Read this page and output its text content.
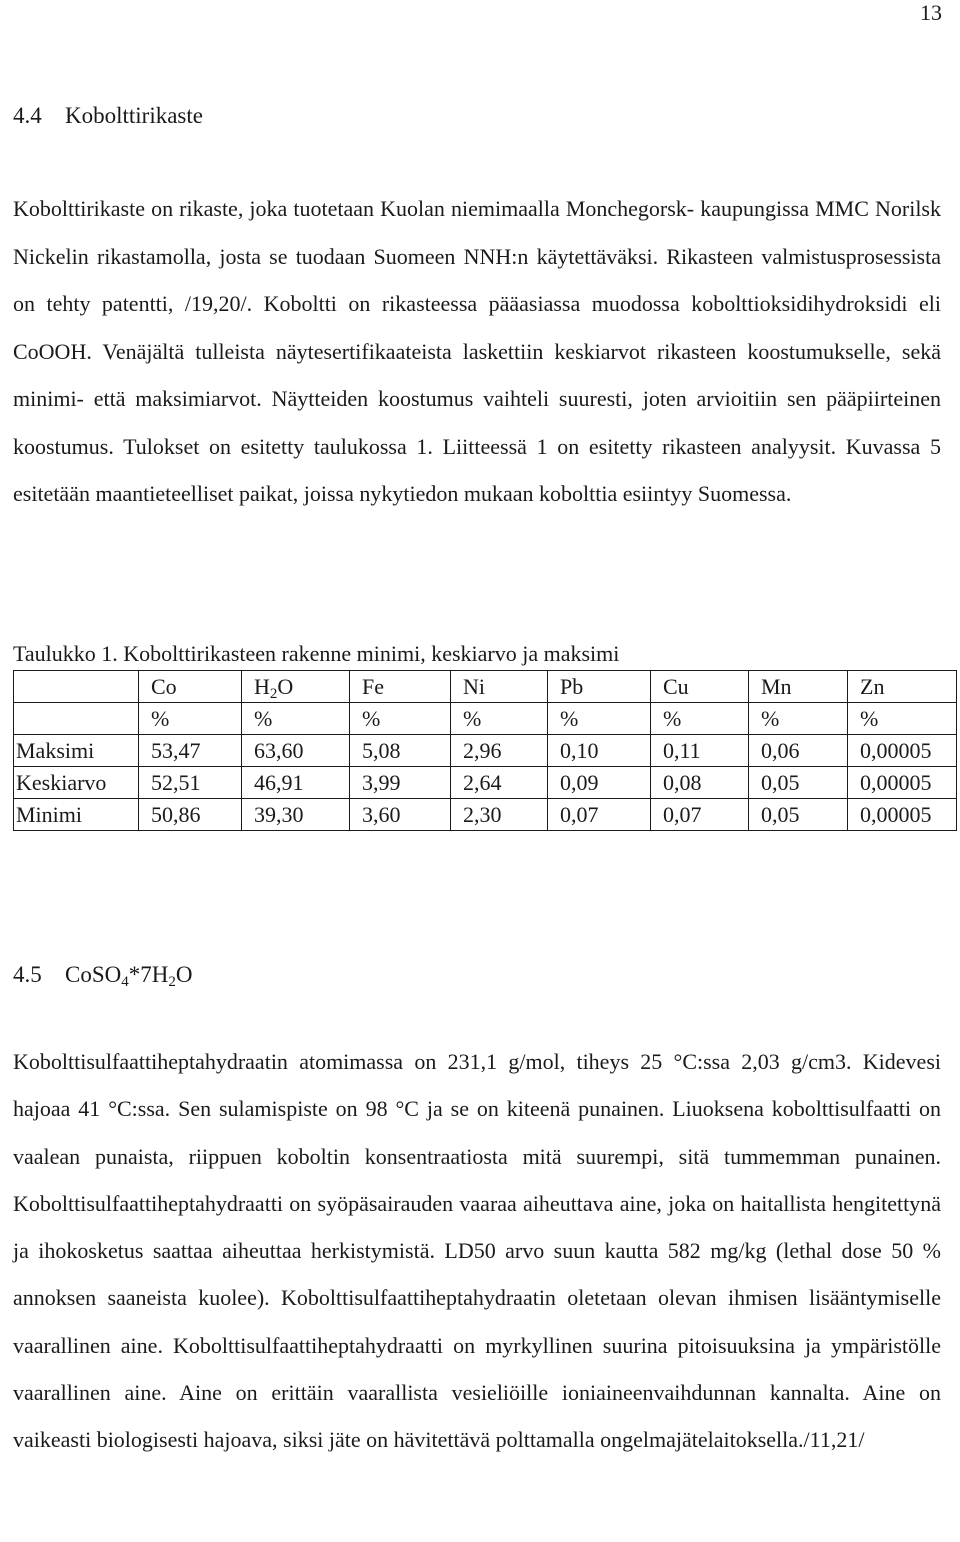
13
4.4 Kobolttirikaste

Kobolttirikaste on rikaste, joka tuotetaan Kuolan niemimaalla Monchegorsk- kaupungissa MMC Norilsk Nickelin rikastamolla, josta se tuodaan Suomeen NNH:n käytettäväksi. Rikasteen valmistusprosessista on tehty patentti, /19,20/. Koboltti on rikasteessa pääasiassa muodossa kobolttioksidihydroksidi eli CoOOH. Venäjältä tulleista näytesertifikaateista laskettiin keskiarvot rikasteen koostumukselle, sekä minimi- että maksimiarvot. Näytteiden koostumus vaihteli suuresti, joten arvioitiin sen pääpiirteinen koostumus. Tulokset on esitetty taulukossa 1. Liitteessä 1 on esitetty rikasteen analyysit. Kuvassa 5 esitetään maantieteelliset paikat, joissa nykytiedon mukaan kobolttia esiintyy Suomessa.

Taulukko 1. Kobolttirikasteen rakenne minimi, keskiarvo ja maksimi
	Co	$H_2O$	Fe	Ni	Pb	Cu	Mn	Zn
	%	%	%	%	%	%	%	%
Maksimi	53,47	63,60	5,08	2,96	0,10	0,11	0,06	0,00005
Keskiarvo	52,51	46,91	3,99	2,64	0,09	0,08	0,05	0,00005
Minimi	50,86	39,30	3,60	2,30	0,07	0,07	0,05	0,00005
4.5 $CoSO_4*7H_2O$

Kobolttisulfaattiheptahydraatin atomimassa on 231,1 g/mol, tiheys 25 °C:ssa 2,03 g/cm3. Kidevesi hajoaa 41 °C:ssa. Sen sulamispiste on 98 °C ja se on kiteenä punainen. Liuoksena kobolttisulfaatti on vaalean punaista, riippuen koboltin konsentraatiosta mitä suurempi, sitä tummemman punainen. Kobolttisulfaattiheptahydraatti on syöpäsairauden vaaraa aiheuttava aine, joka on haitallista hengitettynä ja ihokosketus saattaa aiheuttaa herkistymistä. LD50 arvo suun kautta 582 mg/kg (lethal dose 50 % annoksen saaneista kuolee). Kobolttisulfaattiheptahydraatin oletetaan olevan ihmisen lisääntymiselle vaarallinen aine. Kobolttisulfaattiheptahydraatti on myrkyllinen suurina pitoisuuksina ja ympäristölle vaarallinen aine. Aine on erittäin vaarallista vesieliöille ioniaineenvaihdunnan kannalta. Aine on vaikeasti biologisesti hajoava, siksi jäte on hävitettävä polttamalla ongelmajätelaitoksella./11,21/
